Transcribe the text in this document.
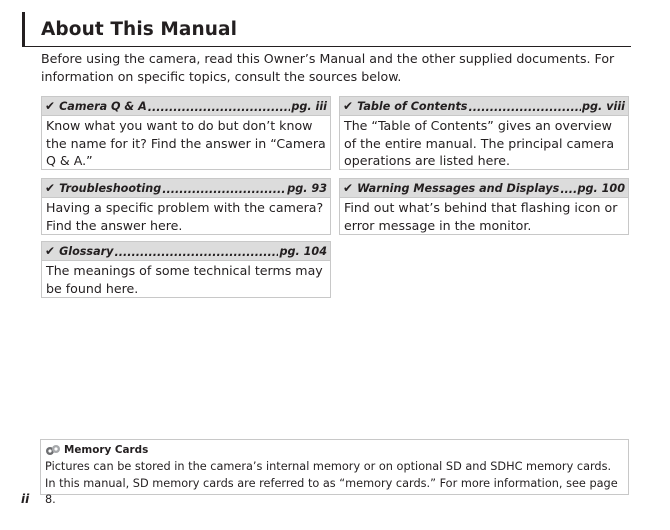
About This Manual
Before using the camera, read this Owner’s Manual and the other supplied documents. For information on specific topics, consult the sources below.
✔ Camera Q & A .....	pg. iii
Know what you want to do but don’t know the name for it? Find the answer in “Camera Q & A.”
✔ Table of Contents .....	pg. viii
The “Table of Contents” gives an overview of the entire manual. The principal camera operations are listed here.
✔ Troubleshooting .....	pg. 93
Having a specific problem with the camera? Find the answer here.
✔ Warning Messages and Displays ..... pg. 100
Find out what’s behind that flashing icon or error message in the monitor.
✔ Glossary .....	pg. 104
The meanings of some technical terms may be found here.
Memory Cards
Pictures can be stored in the camera’s internal memory or on optional SD and SDHC memory cards. In this manual, SD memory cards are referred to as “memory cards.” For more information, see page 8.
ii
